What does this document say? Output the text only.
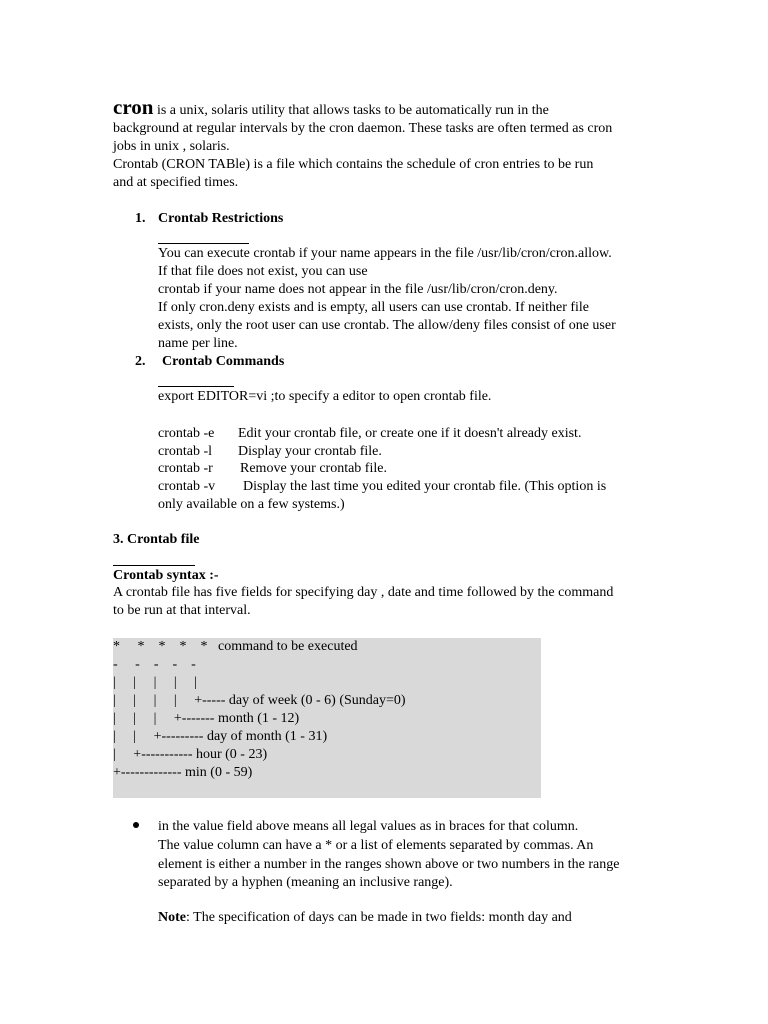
cron is a unix, solaris utility that allows tasks to be automatically run in the
background at regular intervals by the cron daemon. These tasks are often termed as cron
jobs in unix , solaris.
Crontab (CRON TABle) is a file which contains the schedule of cron entries to be run
and at specified times.
1. Crontab Restrictions
You can execute crontab if your name appears in the file /usr/lib/cron/cron.allow.
If that file does not exist, you can use
crontab if your name does not appear in the file /usr/lib/cron/cron.deny.
If only cron.deny exists and is empty, all users can use crontab. If neither file
exists, only the root user can use crontab. The allow/deny files consist of one user
name per line.
2. Crontab Commands
export EDITOR=vi ;to specify a editor to open crontab file.
crontab -e Edit your crontab file, or create one if it doesn't already exist.
crontab -l Display your crontab file.
crontab -r Remove your crontab file.
crontab -v Display the last time you edited your crontab file. (This option is
only available on a few systems.)
3. Crontab file
Crontab syntax :-
A crontab file has five fields for specifying day , date and time followed by the command
to be run at that interval.
*     *    *    *    *   command to be executed
-     -    -    -    -
|     |     |     |     |
|     |     |     |     +----- day of week (0 - 6) (Sunday=0)
|     |     |     +------- month (1 - 12)
|     |     +--------- day of month (1 - 31)
|     +----------- hour (0 - 23)
+------------- min (0 - 59)
in the value field above means all legal values as in braces for that column.
The value column can have a * or a list of elements separated by commas. An
element is either a number in the ranges shown above or two numbers in the range
separated by a hyphen (meaning an inclusive range).
Note: The specification of days can be made in two fields: month day and
